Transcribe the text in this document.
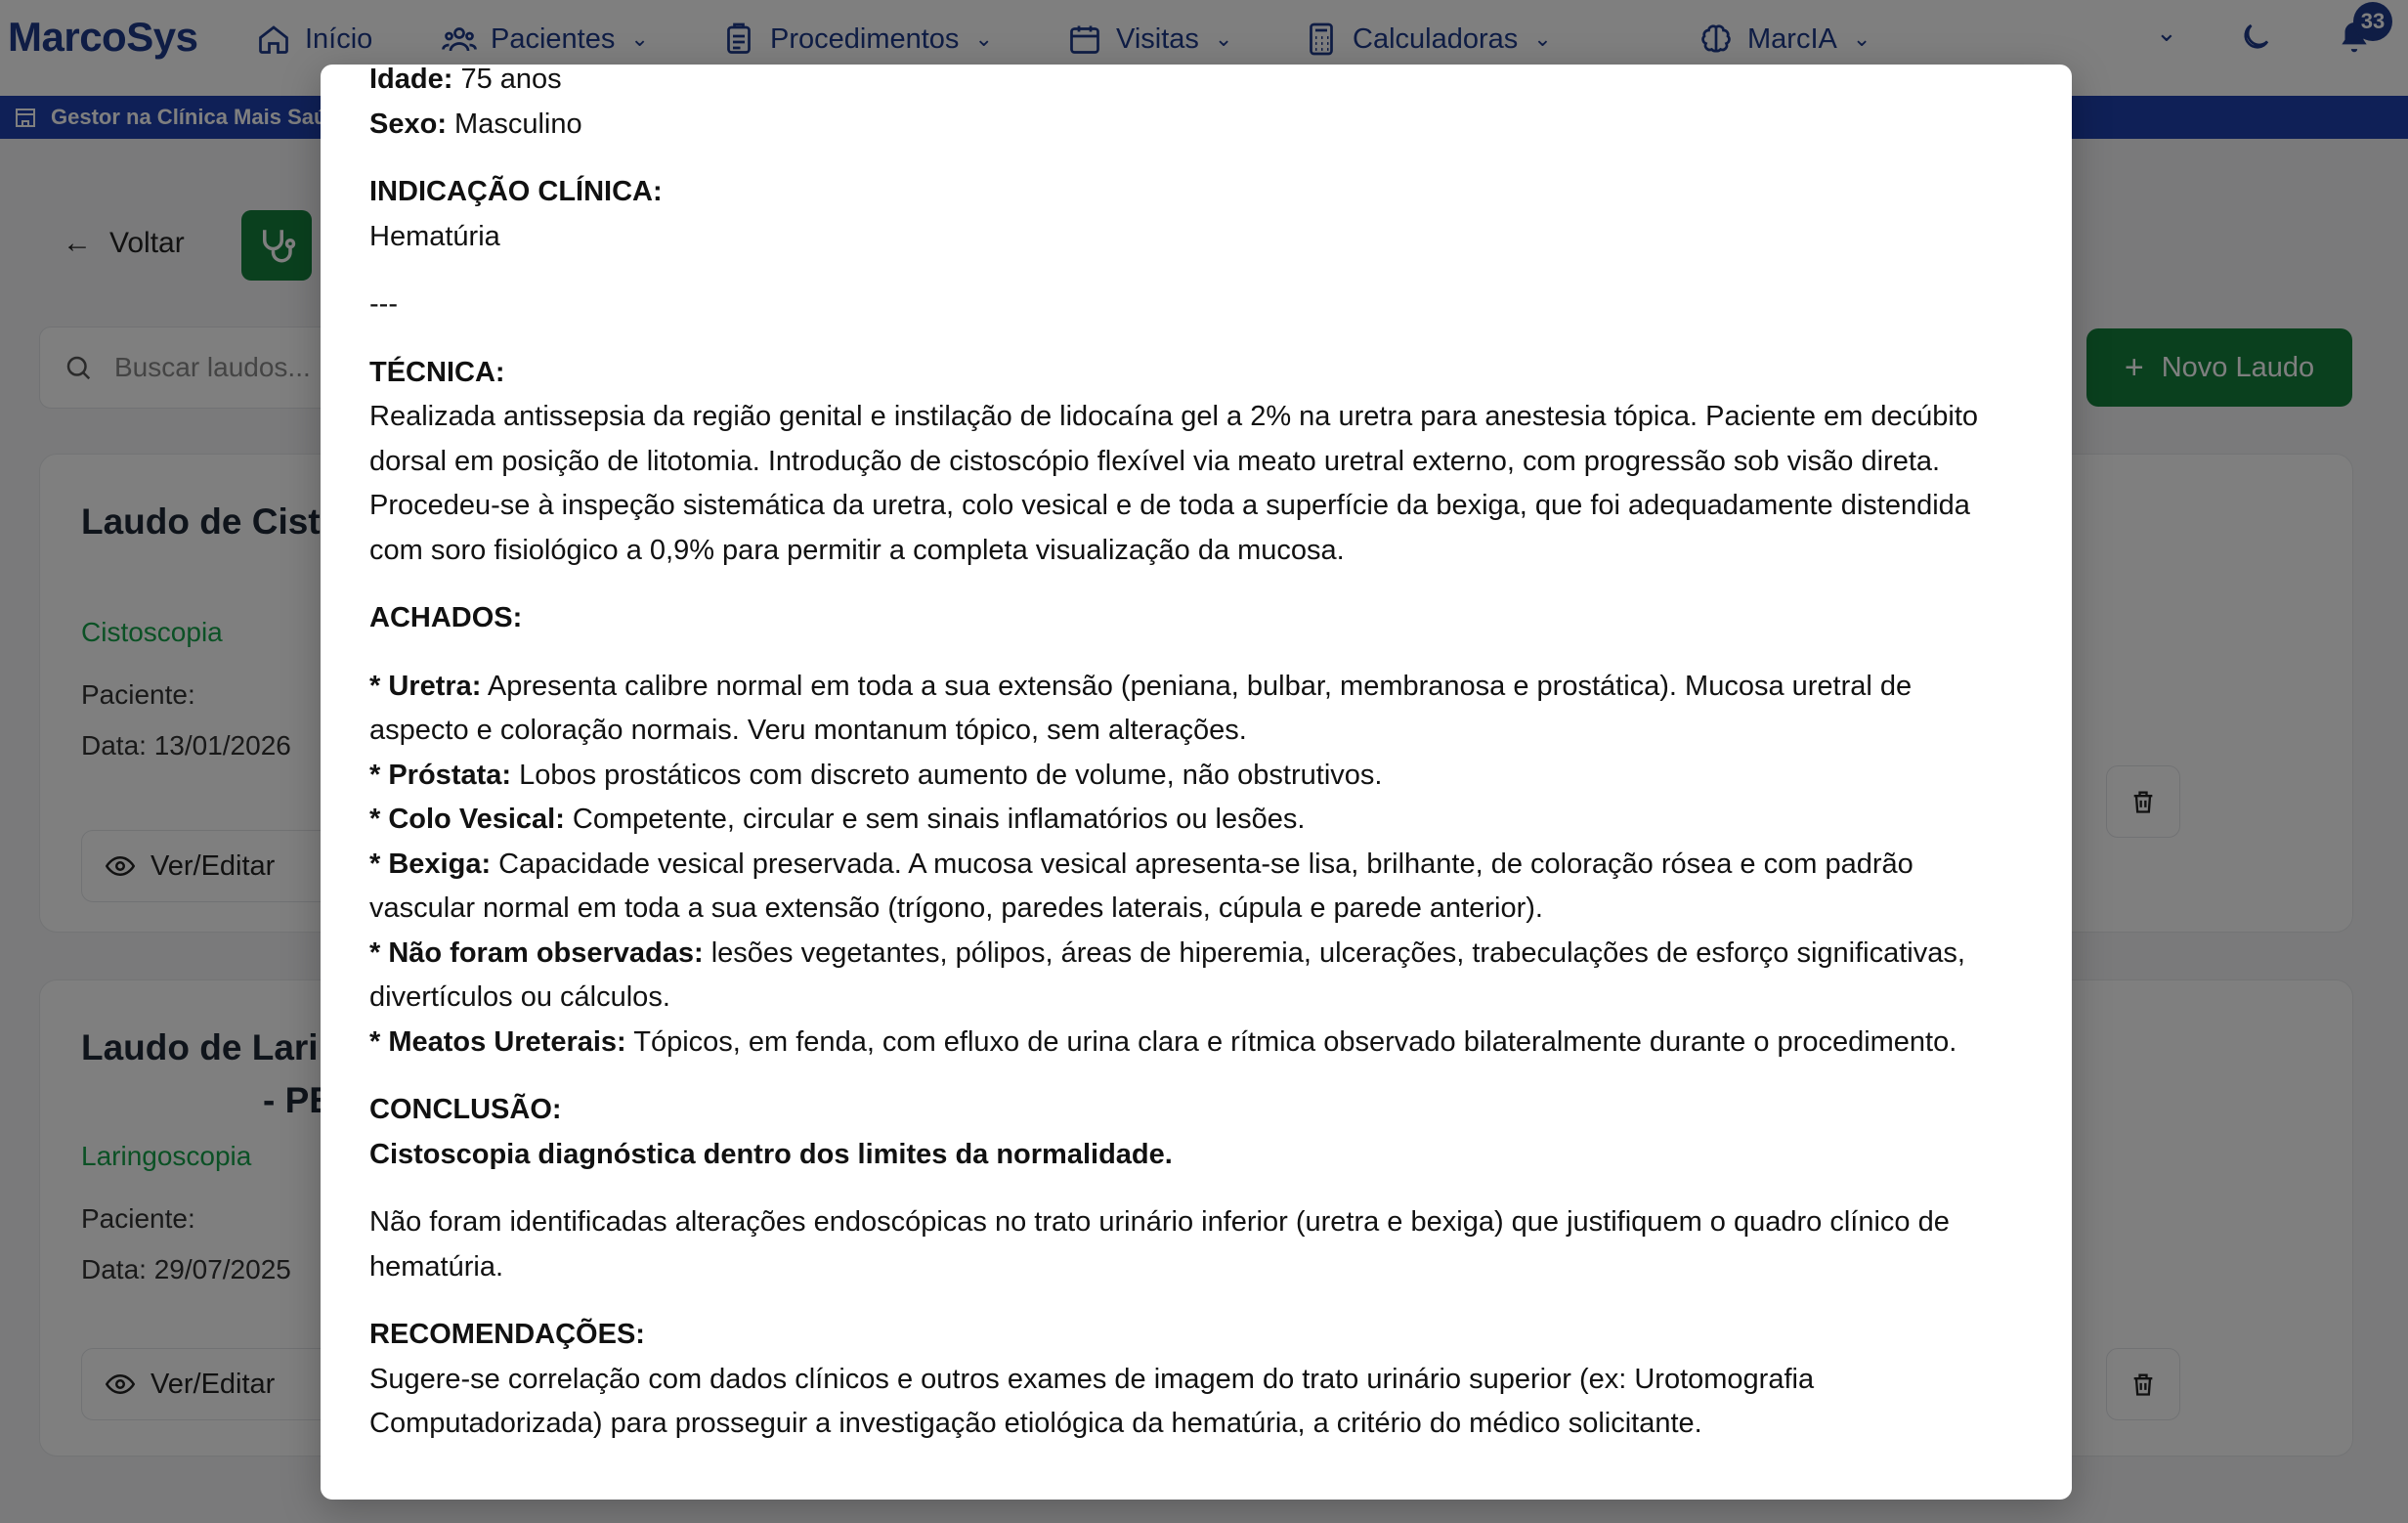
Idade: 75 anos

Sexo: Masculino

INDICAÇÃO CLÍNICA:

Hematúria

---

TÉCNICA:

Realizada antissepsia da região genital e instilação de lidocaína gel a 2% na uretra para anestesia tópica. Paciente em decúbito

dorsal em posição de litotomia. Introdução de cistoscópio flexível via meato uretral externo, com progressão sob visão direta.

Procedeu-se à inspeção sistemática da uretra, colo vesical e de toda a superfície da bexiga, que foi adequadamente distendida

com soro fisiológico a 0,9% para permitir a completa visualização da mucosa.

ACHADOS:

* Uretra: Apresenta calibre normal em toda a sua extensão (peniana, bulbar, membranosa e prostática). Mucosa uretral de

aspecto e coloração normais. Veru montanum tópico, sem alterações.

* Próstata: Lobos prostáticos com discreto aumento de volume, não obstrutivos.

* Colo Vesical: Competente, circular e sem sinais inflamatórios ou lesões.

* Bexiga: Capacidade vesical preservada. A mucosa vesical apresenta-se lisa, brilhante, de coloração rósea e com padrão

vascular normal em toda a sua extensão (trígono, paredes laterais, cúpula e parede anterior).

* Não foram observadas: lesões vegetantes, pólipos, áreas de hiperemia, ulcerações, trabeculações de esforço significativas,

divertículos ou cálculos.

* Meatos Ureterais: Tópicos, em fenda, com efluxo de urina clara e rítmica observado bilateralmente durante o procedimento.

CONCLUSÃO:

Cistoscopia diagnóstica dentro dos limites da normalidade.

Não foram identificadas alterações endoscópicas no trato urinário inferior (uretra e bexiga) que justifiquem o quadro clínico de

hematúria.

RECOMENDAÇÕES:

Sugere-se correlação com dados clínicos e outros exames de imagem do trato urinário superior (ex: Urotomografia

Computadorizada) para prosseguir a investigação etiológica da hematúria, a critério do médico solicitante.
